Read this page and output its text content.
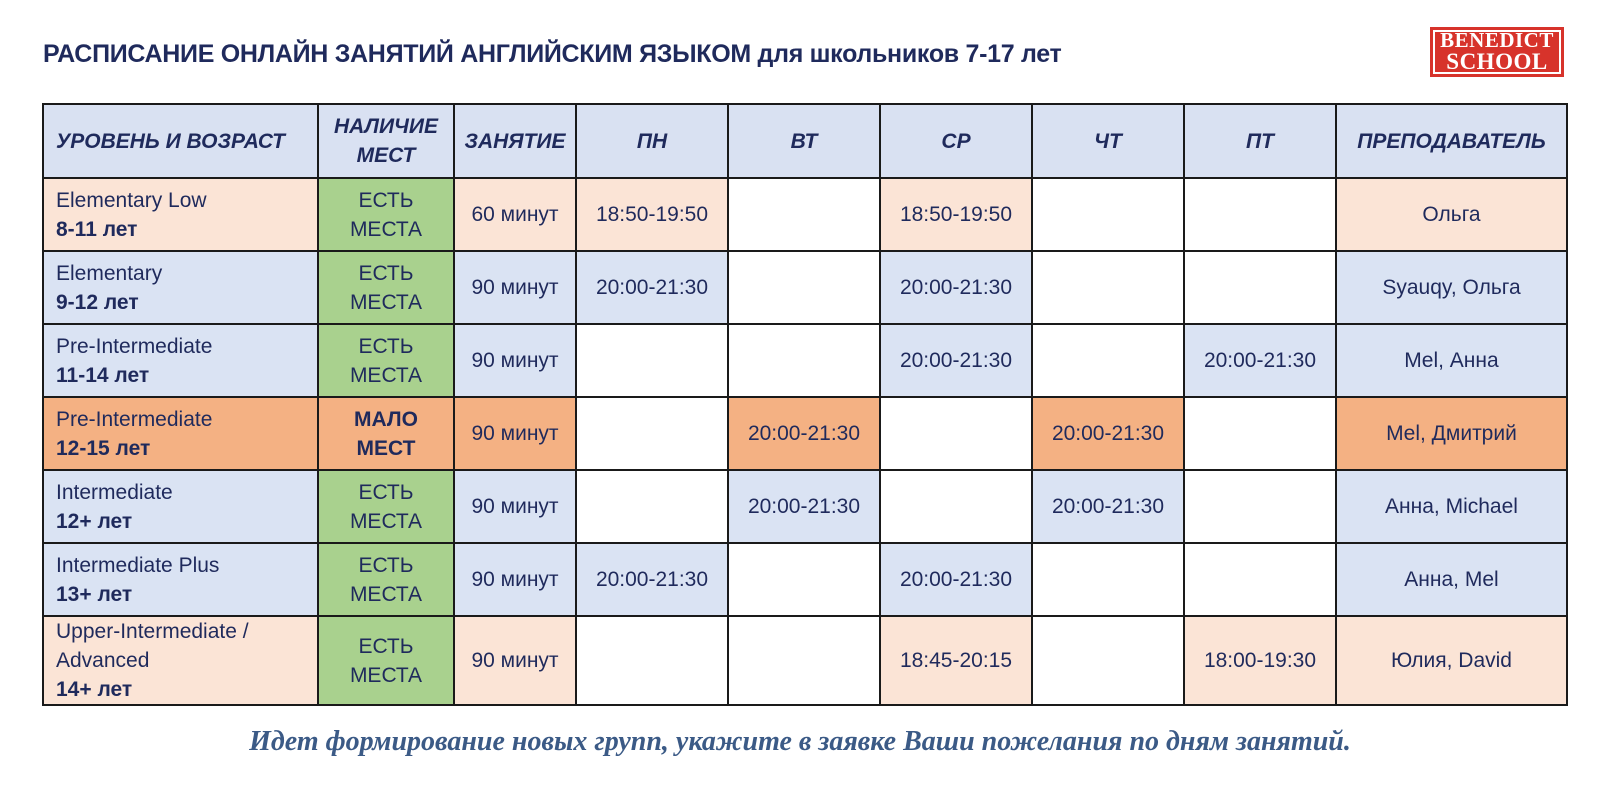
РАСПИСАНИЕ ОНЛАЙН ЗАНЯТИЙ АНГЛИЙСКИМ ЯЗЫКОМ для школьников 7-17 лет	BENEDICT
SCHOOL
УРОВЕНЬ И ВОЗРАСТ	НАЛИЧИЕ МЕСТ	ЗАНЯТИЕ	ПН	ВТ	СР	ЧТ	ПТ	ПРЕПОДАВАТЕЛЬ

Elementary Low
8-11 лет	ЕСТЬ МЕСТА	60 минут	18:50-19:50		18:50-19:50			Ольга

Elementary
9-12 лет	ЕСТЬ МЕСТА	90 минут	20:00-21:30		20:00-21:30			Syauqy, Ольга

Pre-Intermediate
11-14 лет	ЕСТЬ МЕСТА	90 минут			20:00-21:30		20:00-21:30	Mel, Анна

Pre-Intermediate
12-15 лет	МАЛО МЕСТ	90 минут		20:00-21:30		20:00-21:30		Mel, Дмитрий

Intermediate
12+ лет	ЕСТЬ МЕСТА	90 минут		20:00-21:30		20:00-21:30		Анна, Michael

Intermediate Plus
13+ лет	ЕСТЬ МЕСТА	90 минут	20:00-21:30		20:00-21:30			Анна, Mel

Upper-Intermediate / Advanced
14+ лет	ЕСТЬ МЕСТА	90 минут			18:45-20:15		18:00-19:30	Юлия, David
Идет формирование новых групп, укажите в заявке Ваши пожелания по дням занятий.
